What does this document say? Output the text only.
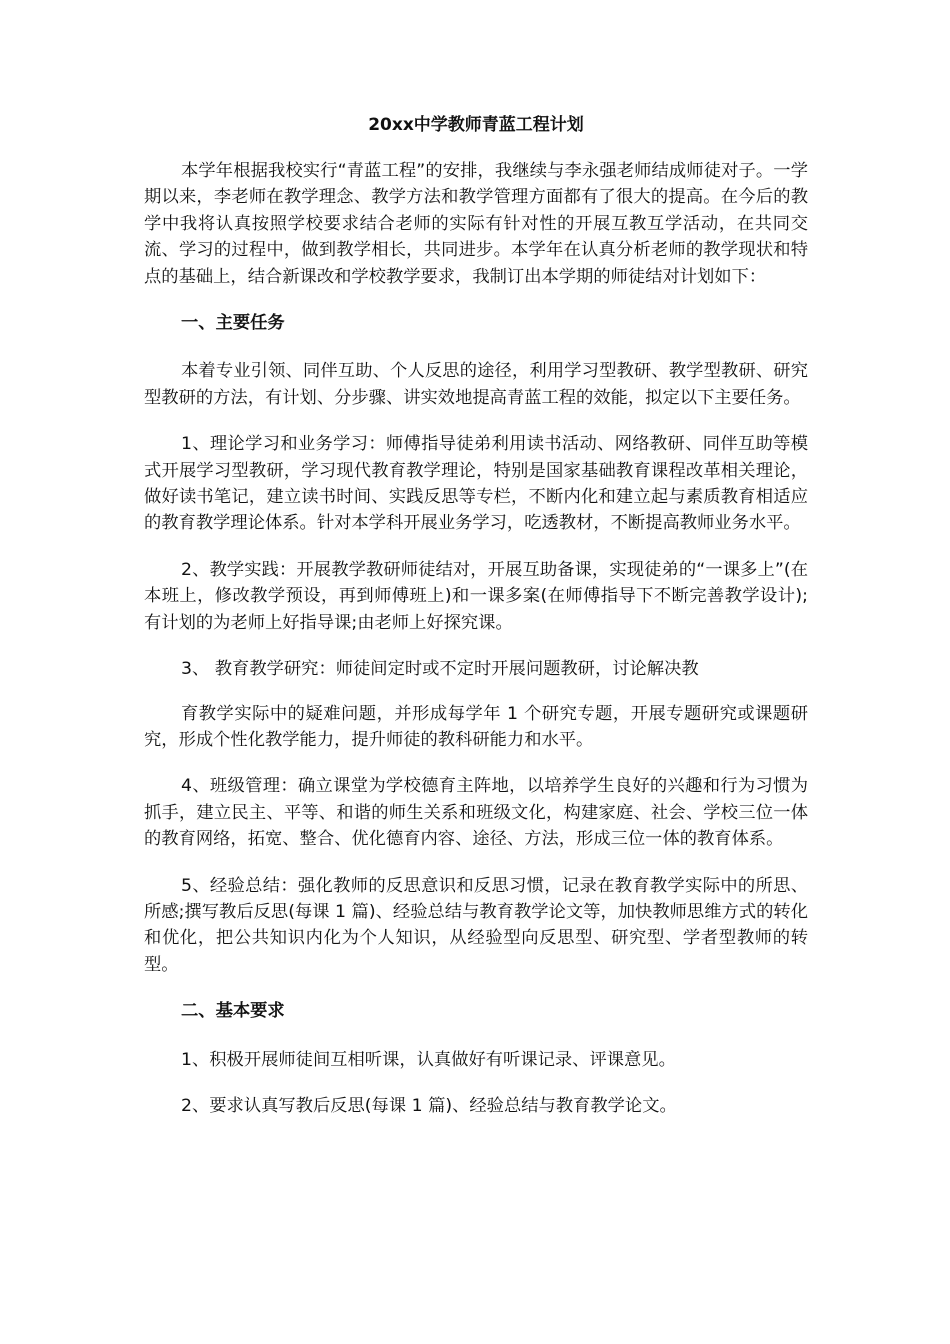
20xx中学教师青蓝工程计划

本学年根据我校实行“青蓝工程”的安排，我继续与李永强老师结成师徒对子。一学期以来，李老师在教学理念、教学方法和教学管理方面都有了很大的提高。在今后的教学中我将认真按照学校要求结合老师的实际有针对性的开展互教互学活动，在共同交流、学习的过程中，做到教学相长，共同进步。本学年在认真分析老师的教学现状和特点的基础上，结合新课改和学校教学要求，我制订出本学期的师徒结对计划如下：

一、主要任务

本着专业引领、同伴互助、个人反思的途径，利用学习型教研、教学型教研、研究型教研的方法，有计划、分步骤、讲实效地提高青蓝工程的效能，拟定以下主要任务。

1、理论学习和业务学习：师傅指导徒弟利用读书活动、网络教研、同伴互助等模式开展学习型教研，学习现代教育教学理论，特别是国家基础教育课程改革相关理论，做好读书笔记，建立读书时间、实践反思等专栏，不断内化和建立起与素质教育相适应的教育教学理论体系。针对本学科开展业务学习，吃透教材，不断提高教师业务水平。

2、教学实践：开展教学教研师徒结对，开展互助备课，实现徒弟的“一课多上”(在本班上，修改教学预设，再到师傅班上)和一课多案(在师傅指导下不断完善教学设计);有计划的为老师上好指导课;由老师上好探究课。

3、 教育教学研究：师徒间定时或不定时开展问题教研，讨论解决教

育教学实际中的疑难问题，并形成每学年 1 个研究专题，开展专题研究或课题研究，形成个性化教学能力，提升师徒的教科研能力和水平。

4、班级管理：确立课堂为学校德育主阵地，以培养学生良好的兴趣和行为习惯为抓手，建立民主、平等、和谐的师生关系和班级文化，构建家庭、社会、学校三位一体的教育网络，拓宽、整合、优化德育内容、途径、方法，形成三位一体的教育体系。

5、经验总结：强化教师的反思意识和反思习惯，记录在教育教学实际中的所思、所感;撰写教后反思(每课 1 篇)、经验总结与教育教学论文等，加快教师思维方式的转化和优化，把公共知识内化为个人知识，从经验型向反思型、研究型、学者型教师的转型。

二、基本要求

1、积极开展师徒间互相听课，认真做好有听课记录、评课意见。

2、要求认真写教后反思(每课 1 篇)、经验总结与教育教学论文。
